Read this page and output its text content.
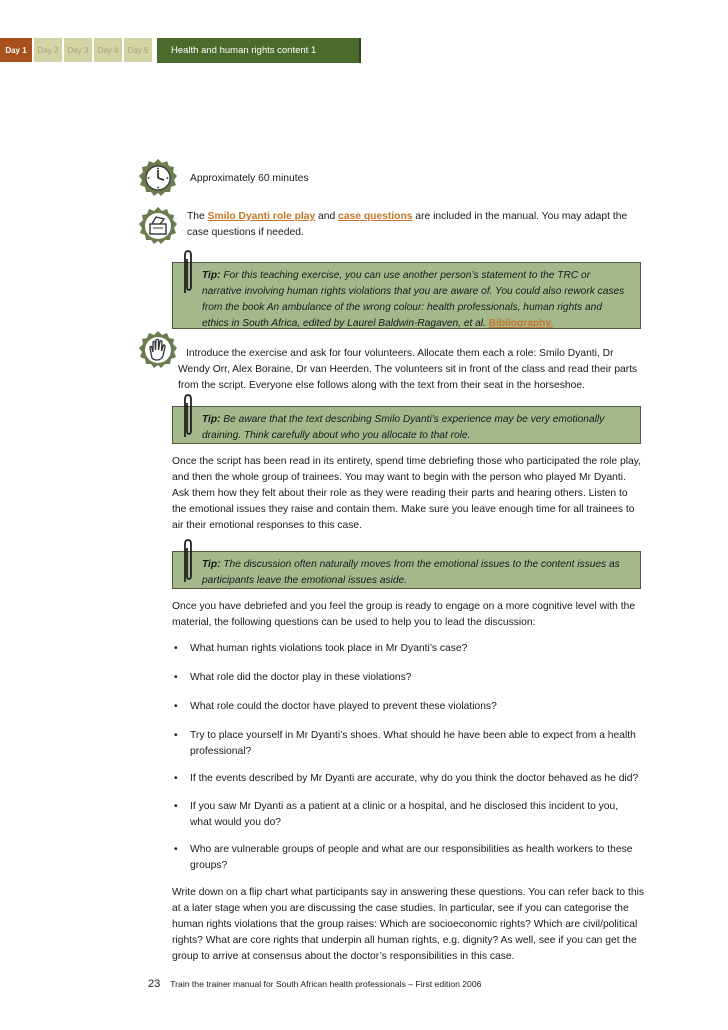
Day 1	Day 2	Day 3	Day 4	Day 5	Health and human rights content 1

Approximately 60 minutes

The Smilo Dyanti role play and case questions are included in the manual. You may adapt the case questions if needed.

Tip: For this teaching exercise, you can use another person’s statement to the TRC or narrative involving human rights violations that you are aware of. You could also rework cases from the book An ambulance of the wrong colour: health professionals, human rights and ethics in South Africa, edited by Laurel Baldwin-Ragaven, et al. Bibliography.

Introduce the exercise and ask for four volunteers. Allocate them each a role: Smilo Dyanti, Dr Wendy Orr, Alex Boraine, Dr van Heerden. The volunteers sit in front of the class and read their parts from the script. Everyone else follows along with the text from their seat in the horseshoe.

Tip: Be aware that the text describing Smilo Dyanti’s experience may be very emotionally draining. Think carefully about who you allocate to that role.

Once the script has been read in its entirety, spend time debriefing those who participated the role play, and then the whole group of trainees. You may want to begin with the person who played Mr Dyanti. Ask them how they felt about their role as they were reading their parts and hearing others. Listen to the emotional issues they raise and contain them. Make sure you leave enough time for all trainees to air their emotional responses to this case.

Tip: The discussion often naturally moves from the emotional issues to the content issues as participants leave the emotional issues aside.

Once you have debriefed and you feel the group is ready to engage on a more cognitive level with the material, the following questions can be used to help you to lead the discussion:

• What human rights violations took place in Mr Dyanti’s case?
• What role did the doctor play in these violations?
• What role could the doctor have played to prevent these violations?
• Try to place yourself in Mr Dyanti’s shoes. What should he have been able to expect from a health professional?
• If the events described by Mr Dyanti are accurate, why do you think the doctor behaved as he did?
• If you saw Mr Dyanti as a patient at a clinic or a hospital, and he disclosed this incident to you, what would you do?
• Who are vulnerable groups of people and what are our responsibilities as health workers to these groups?

Write down on a flip chart what participants say in answering these questions. You can refer back to this at a later stage when you are discussing the case studies. In particular, see if you can categorise the human rights violations that the group raises: Which are socioeconomic rights? Which are civil/political rights? What are core rights that underpin all human rights, e.g. dignity? As well, see if you can get the group to arrive at consensus about the doctor’s responsibilities in this case.

23 Train the trainer manual for South African health professionals – First edition 2006
